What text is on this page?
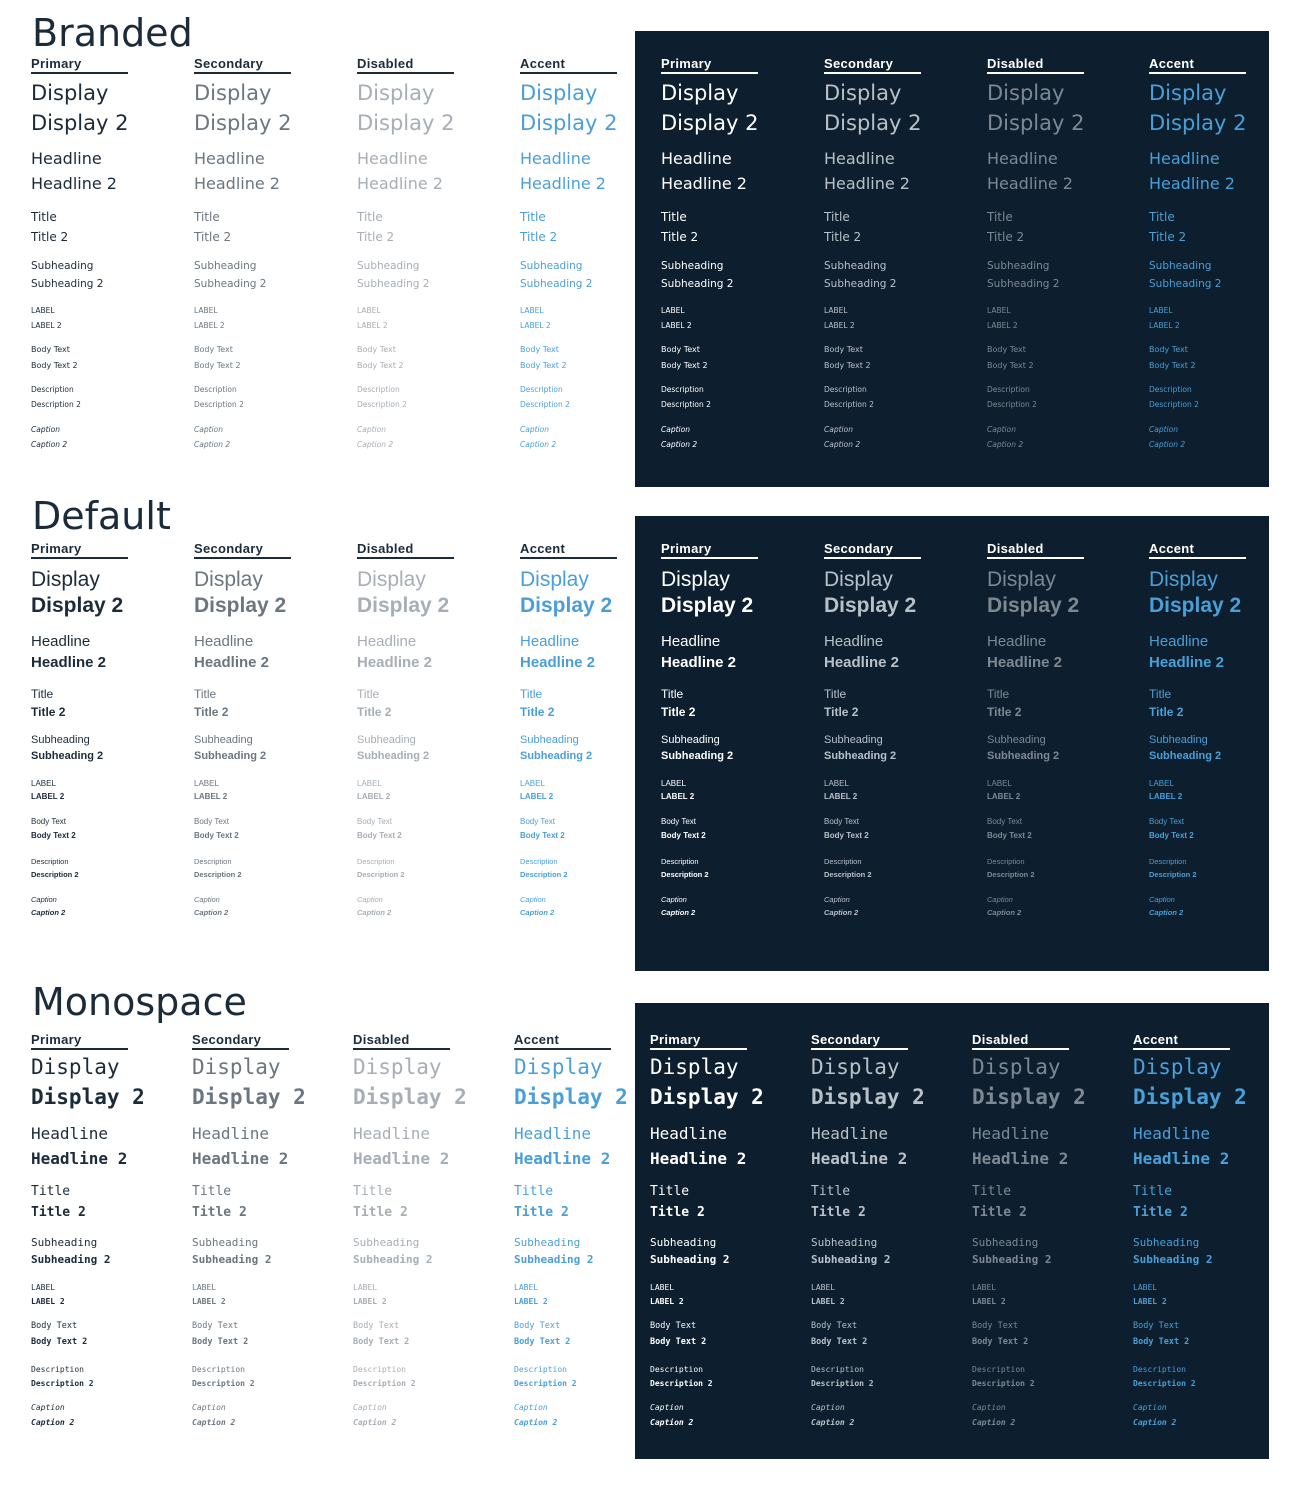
Branded
Primary
Display
Display 2
Headline
Headline 2
Title
Title 2
Subheading
Subheading 2
LABEL
LABEL 2
Body Text
Body Text 2
Description
Description 2
Caption
Caption 2
Secondary
Display
Display 2
Headline
Headline 2
Title
Title 2
Subheading
Subheading 2
LABEL
LABEL 2
Body Text
Body Text 2
Description
Description 2
Caption
Caption 2
Disabled
Display
Display 2
Headline
Headline 2
Title
Title 2
Subheading
Subheading 2
LABEL
LABEL 2
Body Text
Body Text 2
Description
Description 2
Caption
Caption 2
Accent
Display
Display 2
Headline
Headline 2
Title
Title 2
Subheading
Subheading 2
LABEL
LABEL 2
Body Text
Body Text 2
Description
Description 2
Caption
Caption 2
Primary
Display
Display 2
Headline
Headline 2
Title
Title 2
Subheading
Subheading 2
LABEL
LABEL 2
Body Text
Body Text 2
Description
Description 2
Caption
Caption 2
Secondary
Display
Display 2
Headline
Headline 2
Title
Title 2
Subheading
Subheading 2
LABEL
LABEL 2
Body Text
Body Text 2
Description
Description 2
Caption
Caption 2
Disabled
Display
Display 2
Headline
Headline 2
Title
Title 2
Subheading
Subheading 2
LABEL
LABEL 2
Body Text
Body Text 2
Description
Description 2
Caption
Caption 2
Accent
Display
Display 2
Headline
Headline 2
Title
Title 2
Subheading
Subheading 2
LABEL
LABEL 2
Body Text
Body Text 2
Description
Description 2
Caption
Caption 2
Default
Primary
Display
Display 2
Headline
Headline 2
Title
Title 2
Subheading
Subheading 2
LABEL
LABEL 2
Body Text
Body Text 2
Description
Description 2
Caption
Caption 2
Secondary
Display
Display 2
Headline
Headline 2
Title
Title 2
Subheading
Subheading 2
LABEL
LABEL 2
Body Text
Body Text 2
Description
Description 2
Caption
Caption 2
Disabled
Display
Display 2
Headline
Headline 2
Title
Title 2
Subheading
Subheading 2
LABEL
LABEL 2
Body Text
Body Text 2
Description
Description 2
Caption
Caption 2
Accent
Display
Display 2
Headline
Headline 2
Title
Title 2
Subheading
Subheading 2
LABEL
LABEL 2
Body Text
Body Text 2
Description
Description 2
Caption
Caption 2
Primary
Display
Display 2
Headline
Headline 2
Title
Title 2
Subheading
Subheading 2
LABEL
LABEL 2
Body Text
Body Text 2
Description
Description 2
Caption
Caption 2
Secondary
Display
Display 2
Headline
Headline 2
Title
Title 2
Subheading
Subheading 2
LABEL
LABEL 2
Body Text
Body Text 2
Description
Description 2
Caption
Caption 2
Disabled
Display
Display 2
Headline
Headline 2
Title
Title 2
Subheading
Subheading 2
LABEL
LABEL 2
Body Text
Body Text 2
Description
Description 2
Caption
Caption 2
Accent
Display
Display 2
Headline
Headline 2
Title
Title 2
Subheading
Subheading 2
LABEL
LABEL 2
Body Text
Body Text 2
Description
Description 2
Caption
Caption 2
Monospace
Primary
Display
Display 2
Headline
Headline 2
Title
Title 2
Subheading
Subheading 2
LABEL
LABEL 2
Body Text
Body Text 2
Description
Description 2
Caption
Caption 2
Secondary
Display
Display 2
Headline
Headline 2
Title
Title 2
Subheading
Subheading 2
LABEL
LABEL 2
Body Text
Body Text 2
Description
Description 2
Caption
Caption 2
Disabled
Display
Display 2
Headline
Headline 2
Title
Title 2
Subheading
Subheading 2
LABEL
LABEL 2
Body Text
Body Text 2
Description
Description 2
Caption
Caption 2
Accent
Display
Display 2
Headline
Headline 2
Title
Title 2
Subheading
Subheading 2
LABEL
LABEL 2
Body Text
Body Text 2
Description
Description 2
Caption
Caption 2
Primary
Display
Display 2
Headline
Headline 2
Title
Title 2
Subheading
Subheading 2
LABEL
LABEL 2
Body Text
Body Text 2
Description
Description 2
Caption
Caption 2
Secondary
Display
Display 2
Headline
Headline 2
Title
Title 2
Subheading
Subheading 2
LABEL
LABEL 2
Body Text
Body Text 2
Description
Description 2
Caption
Caption 2
Disabled
Display
Display 2
Headline
Headline 2
Title
Title 2
Subheading
Subheading 2
LABEL
LABEL 2
Body Text
Body Text 2
Description
Description 2
Caption
Caption 2
Accent
Display
Display 2
Headline
Headline 2
Title
Title 2
Subheading
Subheading 2
LABEL
LABEL 2
Body Text
Body Text 2
Description
Description 2
Caption
Caption 2
